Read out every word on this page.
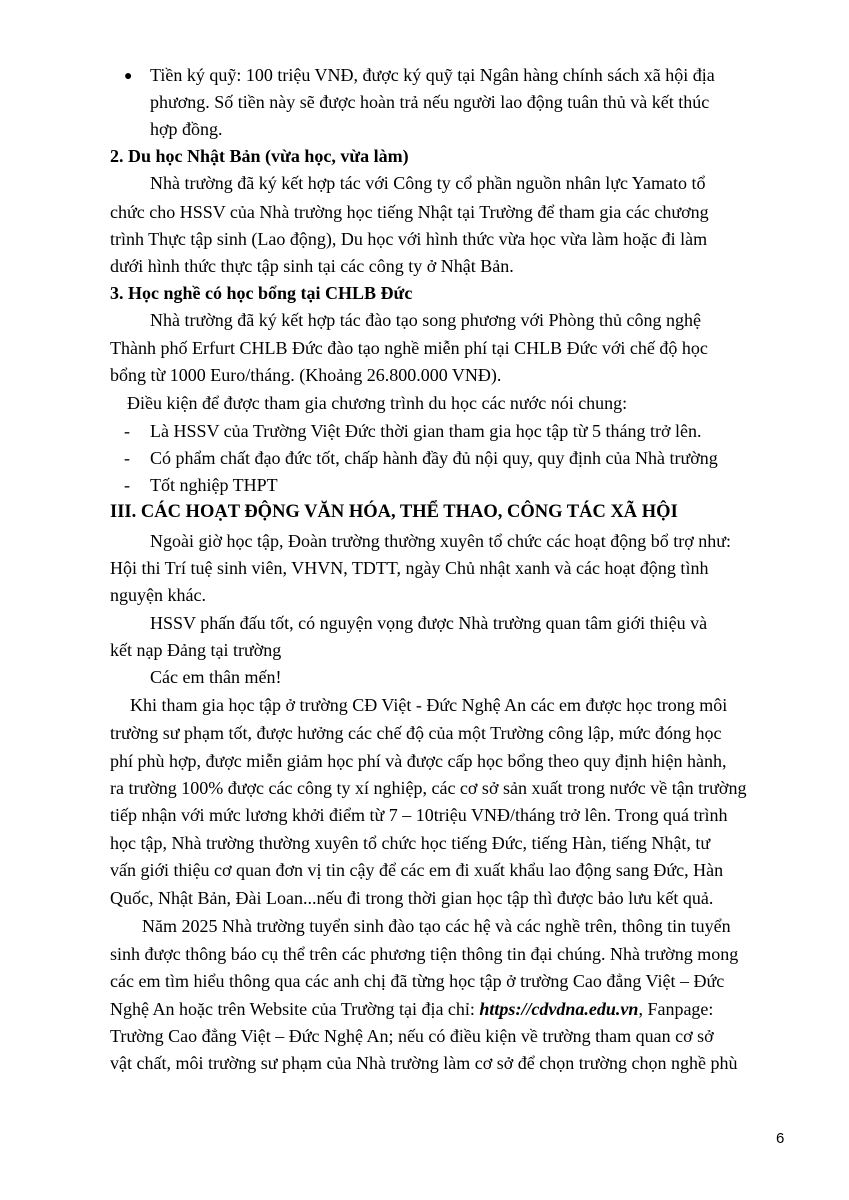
● Tiền ký quỹ: 100 triệu VNĐ, được ký quỹ tại Ngân hàng chính sách xã hội địa
phương. Số tiền này sẽ được hoàn trả nếu người lao động tuân thủ và kết thúc
hợp đồng.
2. Du học Nhật Bản (vừa học, vừa làm)
Nhà trường đã ký kết hợp tác với Công ty cổ phần nguồn nhân lực Yamato tổ
chức cho HSSV của Nhà trường học tiếng Nhật tại Trường để tham gia các chương
trình Thực tập sinh (Lao động), Du học với hình thức vừa học vừa làm hoặc đi làm
dưới hình thức thực tập sinh tại các công ty ở Nhật Bản.
3. Học nghề có học bổng tại CHLB Đức
Nhà trường đã ký kết hợp tác đào tạo song phương với Phòng thủ công nghệ
Thành phố Erfurt CHLB Đức đào tạo nghề miễn phí tại CHLB Đức với chế độ học
bổng từ 1000 Euro/tháng. (Khoảng 26.800.000 VNĐ).
Điều kiện để được tham gia chương trình du học các nước nói chung:
- Là HSSV của Trường Việt Đức thời gian tham gia học tập từ 5 tháng trở lên.
- Có phẩm chất đạo đức tốt, chấp hành đầy đủ nội quy, quy định của Nhà trường
- Tốt nghiệp THPT
III. CÁC HOẠT ĐỘNG VĂN HÓA, THỂ THAO, CÔNG TÁC XÃ HỘI
Ngoài giờ học tập, Đoàn trường thường xuyên tổ chức các hoạt động bổ trợ như:
Hội thi Trí tuệ sinh viên, VHVN, TDTT, ngày Chủ nhật xanh và các hoạt động tình
nguyện khác.
HSSV phấn đấu tốt, có nguyện vọng được Nhà trường quan tâm giới thiệu và
kết nạp Đảng tại trường
Các em thân mến!
Khi tham gia học tập ở trường CĐ Việt - Đức Nghệ An các em được học trong môi
trường sư phạm tốt, được hưởng các chế độ của một Trường công lập, mức đóng học
phí phù hợp, được miễn giảm học phí và được cấp học bổng theo quy định hiện hành,
ra trường 100% được các công ty xí nghiệp, các cơ sở sản xuất trong nước về tận trường
tiếp nhận với mức lương khởi điểm từ 7 – 10triệu VNĐ/tháng trở lên. Trong quá trình
học tập, Nhà trường thường xuyên tổ chức học tiếng Đức, tiếng Hàn, tiếng Nhật, tư
vấn giới thiệu cơ quan đơn vị tin cậy để các em đi xuất khẩu lao động sang Đức, Hàn
Quốc, Nhật Bản, Đài Loan...nếu đi trong thời gian học tập thì được bảo lưu kết quả.
Năm 2025 Nhà trường tuyển sinh đào tạo các hệ và các nghề trên, thông tin tuyển
sinh được thông báo cụ thể trên các phương tiện thông tin đại chúng. Nhà trường mong
các em tìm hiểu thông qua các anh chị đã từng học tập ở trường Cao đẳng Việt – Đức
Nghệ An hoặc trên Website của Trường tại địa chỉ: https://cdvdna.edu.vn, Fanpage:
Trường Cao đẳng Việt – Đức Nghệ An; nếu có điều kiện về trường tham quan cơ sở
vật chất, môi trường sư phạm của Nhà trường làm cơ sở để chọn trường chọn nghề phù
6
